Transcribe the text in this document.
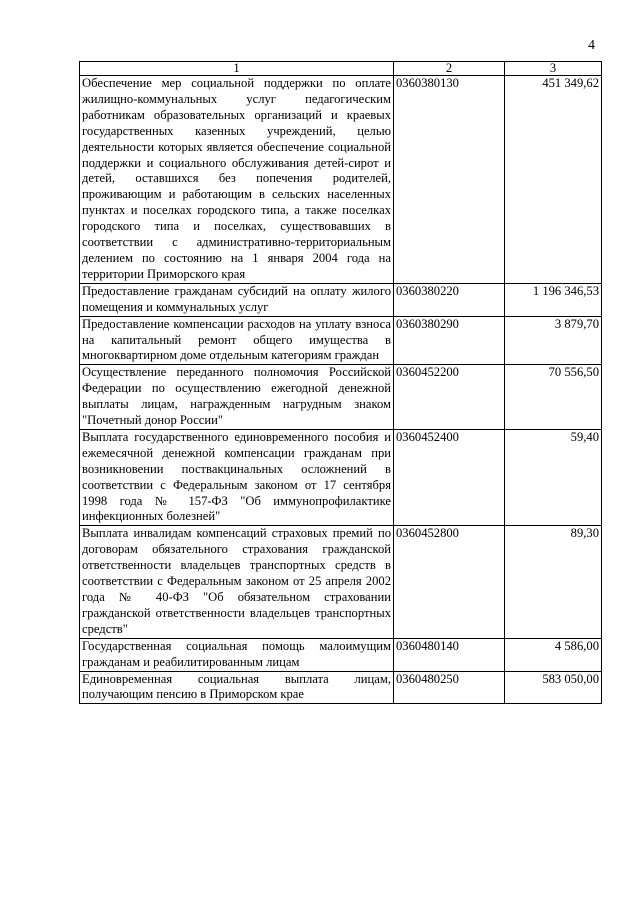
4
1	2	3
Обеспечение мер социальной поддержки по оплате жилищно-коммунальных услуг педагогическим работникам образовательных организаций и краевых государственных казенных учреждений, целью деятельности которых является обеспечение социальной поддержки и социального обслуживания детей-сирот и детей, оставшихся без попечения родителей, проживающим и работающим в сельских населенных пунктах и поселках городского типа, а также поселках городского типа и поселках, существовавших в соответствии с административно-территориальным делением по состоянию на 1 января 2004 года на территории Приморского края	0360380130	451 349,62
Предоставление гражданам субсидий на оплату жилого помещения и коммунальных услуг	0360380220	1 196 346,53
Предоставление компенсации расходов на уплату взноса на капитальный ремонт общего имущества в многоквартирном доме отдельным категориям граждан	0360380290	3 879,70
Осуществление переданного полномочия Российской Федерации по осуществлению ежегодной денежной выплаты лицам, награжденным нагрудным знаком "Почетный донор России"	0360452200	70 556,50
Выплата государственного единовременного пособия и ежемесячной денежной компенсации гражданам при возникновении поствакцинальных осложнений в соответствии с Федеральным законом от 17 сентября 1998 года № 157-ФЗ "Об иммунопрофилактике инфекционных болезней"	0360452400	59,40
Выплата инвалидам компенсаций страховых премий по договорам обязательного страхования гражданской ответственности владельцев транспортных средств в соответствии с Федеральным законом от 25 апреля 2002 года № 40-ФЗ "Об обязательном страховании гражданской ответственности владельцев транспортных средств"	0360452800	89,30
Государственная социальная помощь малоимущим гражданам и реабилитированным лицам	0360480140	4 586,00
Единовременная социальная выплата лицам, получающим пенсию в Приморском крае	0360480250	583 050,00
